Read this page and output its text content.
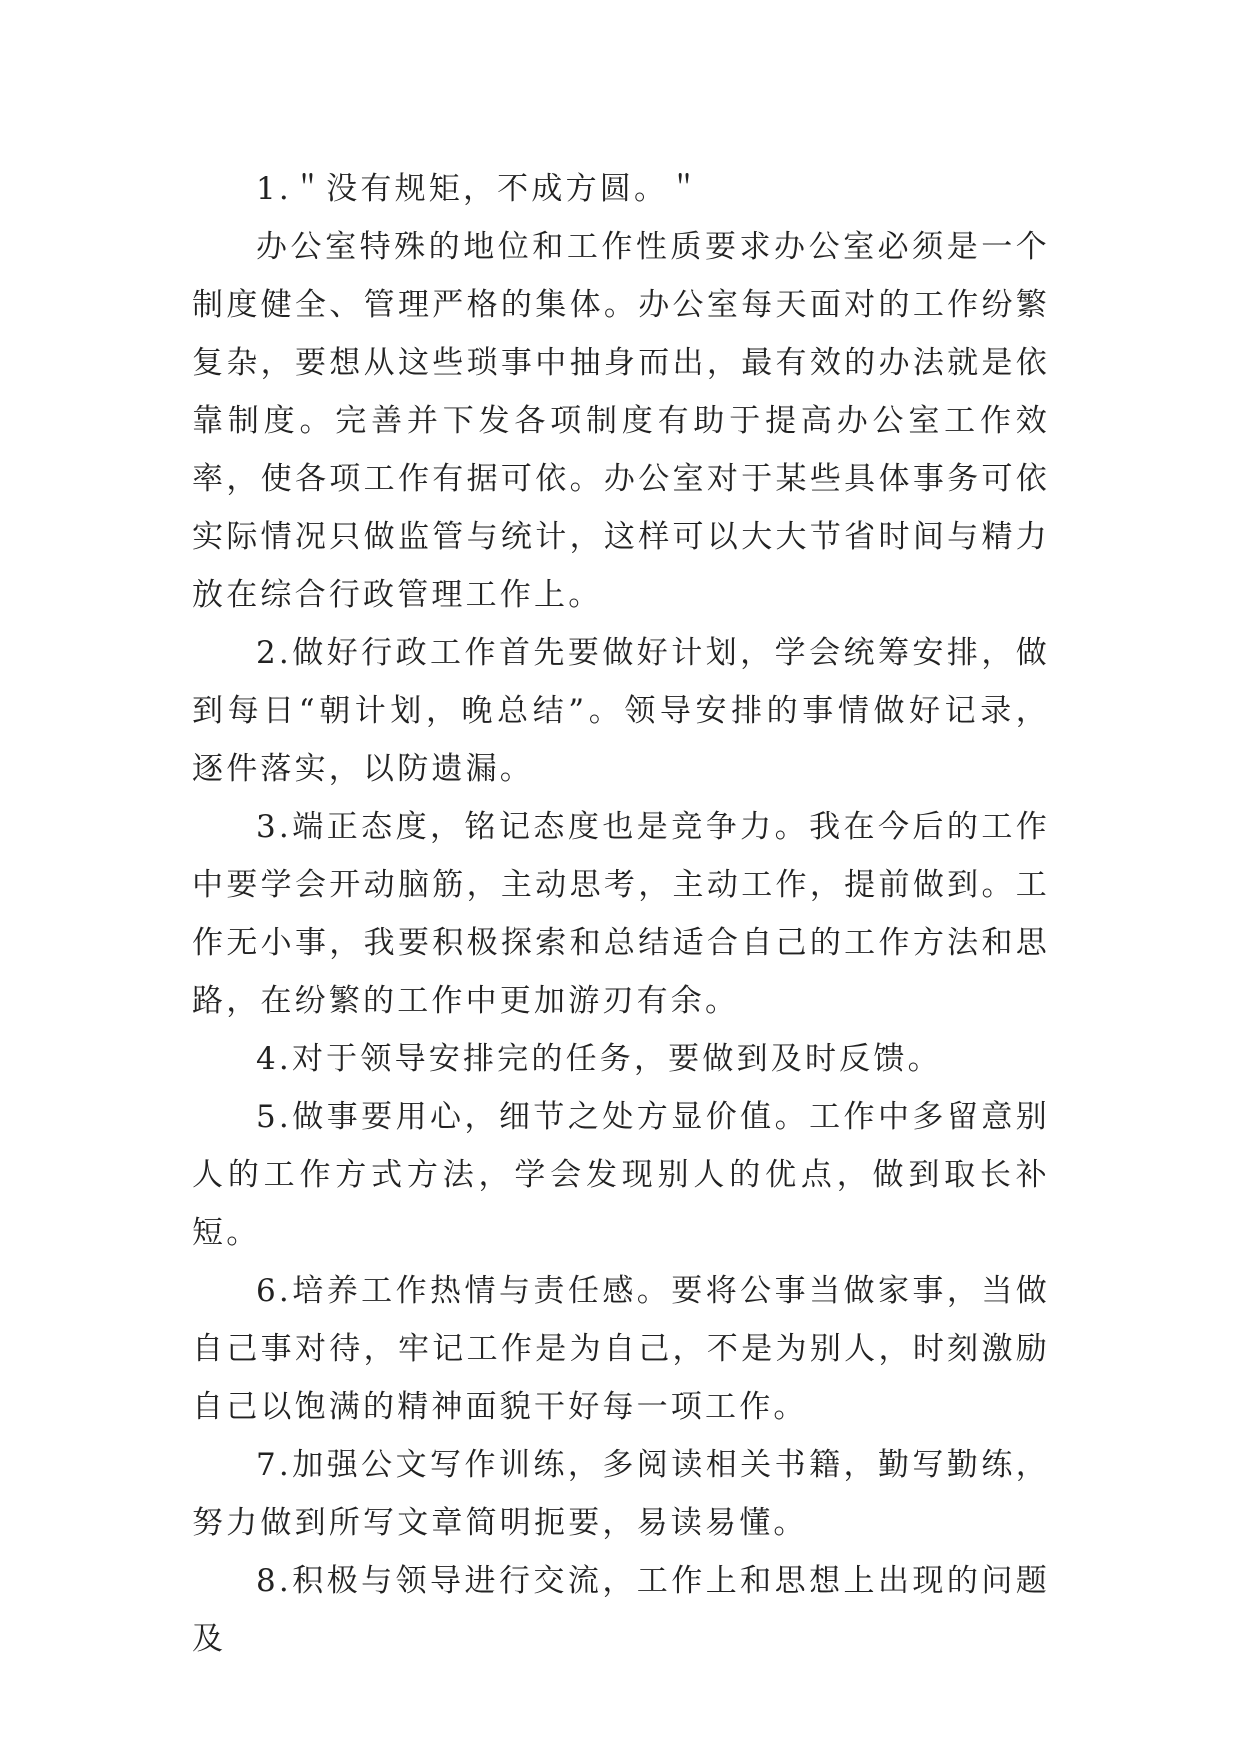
1.＂没有规矩，不成方圆。＂

办公室特殊的地位和工作性质要求办公室必须是一个制度健全、管理严格的集体。办公室每天面对的工作纷繁复杂，要想从这些琐事中抽身而出，最有效的办法就是依靠制度。完善并下发各项制度有助于提高办公室工作效率，使各项工作有据可依。办公室对于某些具体事务可依实际情况只做监管与统计，这样可以大大节省时间与精力放在综合行政管理工作上。

2.做好行政工作首先要做好计划，学会统筹安排，做到每日“朝计划，晚总结”。领导安排的事情做好记录，逐件落实，以防遗漏。

3.端正态度，铭记态度也是竞争力。我在今后的工作中要学会开动脑筋，主动思考，主动工作，提前做到。工作无小事，我要积极探索和总结适合自己的工作方法和思路，在纷繁的工作中更加游刃有余。

4.对于领导安排完的任务，要做到及时反馈。

5.做事要用心，细节之处方显价值。工作中多留意别人的工作方式方法，学会发现别人的优点，做到取长补短。

6.培养工作热情与责任感。要将公事当做家事，当做自己事对待，牢记工作是为自己，不是为别人，时刻激励自己以饱满的精神面貌干好每一项工作。

7.加强公文写作训练，多阅读相关书籍，勤写勤练，努力做到所写文章简明扼要，易读易懂。

8.积极与领导进行交流，工作上和思想上出现的问题及
